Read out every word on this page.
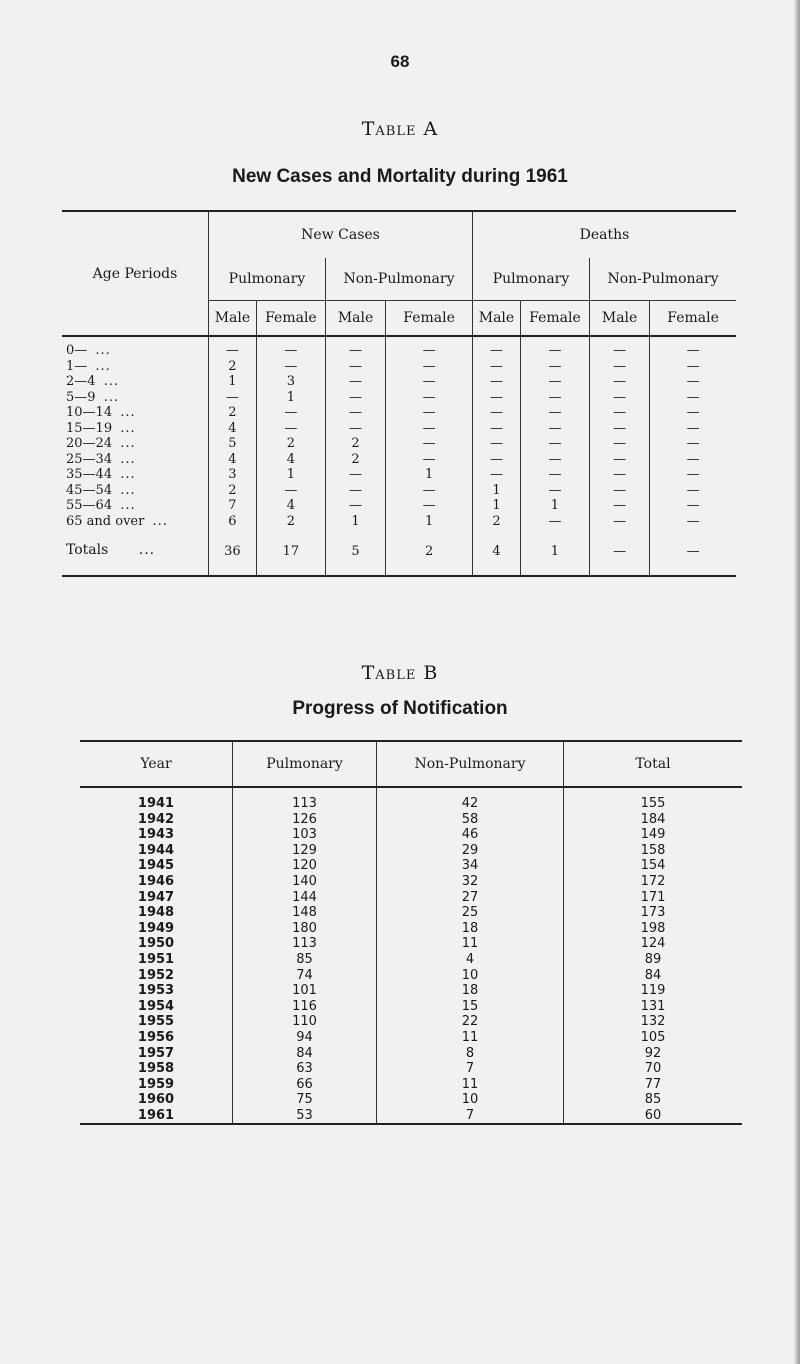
68
Table A
New Cases and Mortality during 1961
Age Periods	New Cases				Deaths			
	Pulmonary		Non-Pulmonary		Pulmonary		Non-Pulmonary	
	Male	Female	Male	Female	Male	Female	Male	Female

0— ...	—	—	—	—	—	—	—	—
1— ...	2	—	—	—	—	—	—	—
2—4 ...	1	3	—	—	—	—	—	—
5—9 ...	—	1	—	—	—	—	—	—
10—14 ...	2	—	—	—	—	—	—	—
15—19 ...	4	—	—	—	—	—	—	—
20—24 ...	5	2	2	—	—	—	—	—
25—34 ...	4	4	2	—	—	—	—	—
35—44 ...	3	1	—	1	—	—	—	—
45—54 ...	2	—	—	—	1	—	—	—
55—64 ...	7	4	—	—	1	1	—	—
65 and over ...	6	2	1	1	2	—	—	—
Totals ...	36	17	5	2	4	1	—	—
Table B
Progress of Notification
Year	Pulmonary	Non-Pulmonary	Total

1941	113	42	155
1942	126	58	184
1943	103	46	149
1944	129	29	158
1945	120	34	154
1946	140	32	172
1947	144	27	171
1948	148	25	173
1949	180	18	198
1950	113	11	124
1951	85	4	89
1952	74	10	84
1953	101	18	119
1954	116	15	131
1955	110	22	132
1956	94	11	105
1957	84	8	92
1958	63	7	70
1959	66	11	77
1960	75	10	85
1961	53	7	60
